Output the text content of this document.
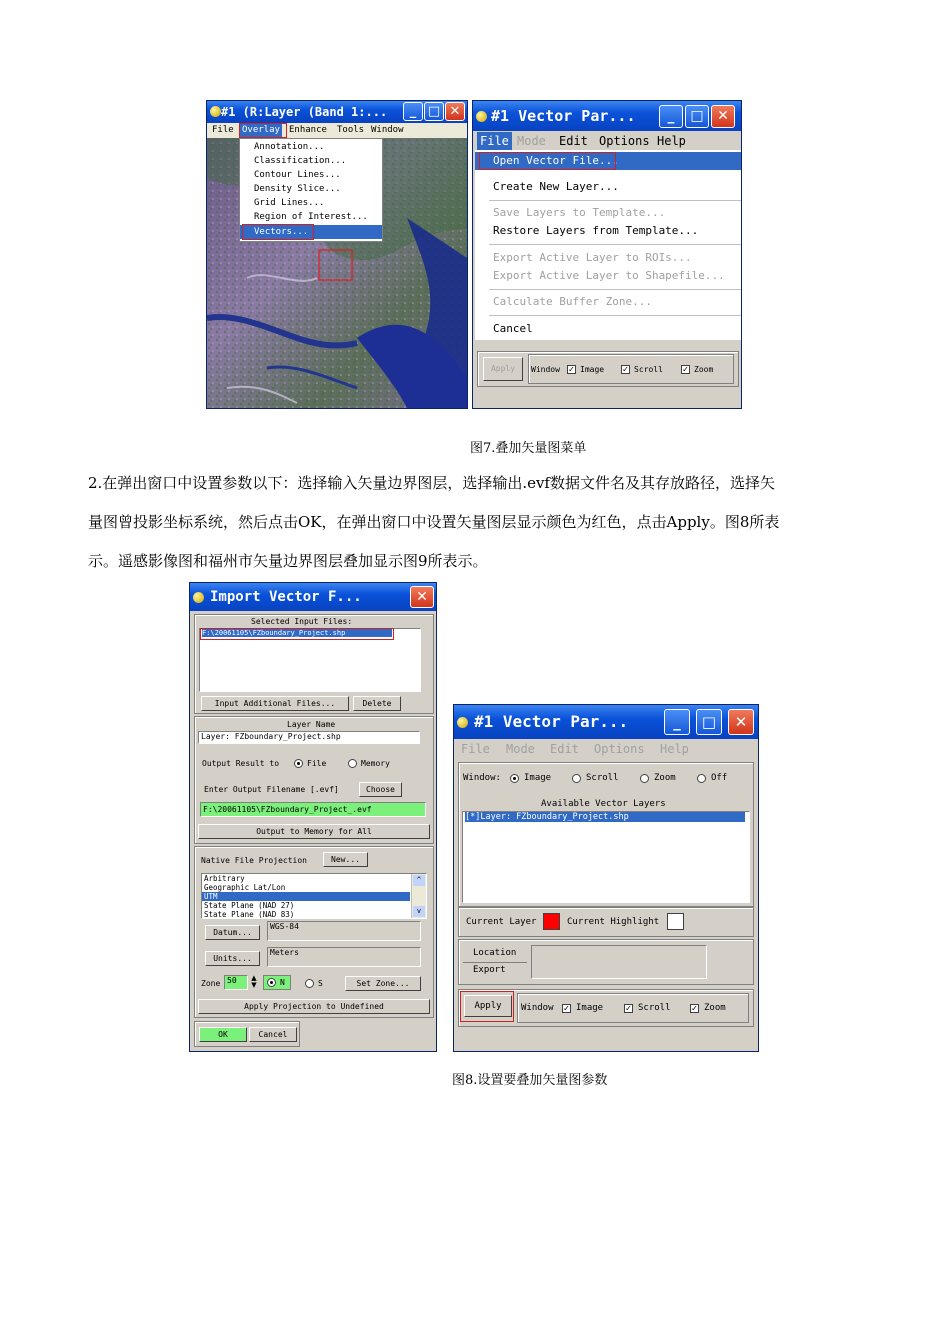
#1 (R:Layer (Band 1:...	_ □ ✕
File Overlay Enhance Tools Window
Annotation...
Classification...
Contour Lines...
Density Slice...
Grid Lines...
Region of Interest...
Vectors...
#1 Vector Par...	_	□ ✕
File Mode Edit Options Help
Open Vector File...
Create New Layer...
Save Layers to Template...
Restore Layers from Template...
Export Active Layer to ROIs...
Export Active Layer to Shapefile...
Calculate Buffer Zone...
Cancel
Apply	Window ✓ Image ✓ Scroll ✓ Zoom
图7.叠加矢量图菜单
2.在弹出窗口中设置参数以下：选择输入矢量边界图层，选择输出.evf数据文件名及其存放路径，选择矢
量图曾投影坐标系统，然后点击OK，在弹出窗口中设置矢量图层显示颜色为红色，点击Apply。图8所表
示。遥感影像图和福州市矢量边界图层叠加显示图9所表示。
Import Vector F...	✕
Selected Input Files:
F:\20061105\FZboundary_Project.shp
Input Additional Files...	Delete
Layer Name
Layer: FZboundary_Project.shp
Output Result to	File	Memory
Enter Output Filename [.evf]	Choose
F:\20061105\FZboundary_Project_.evf
Output to Memory for All
Native File Projection	New...
Arbitrary
Geographic Lat/Lon
UTM
State Plane (NAD 27)
State Plane (NAD 83)
^
v
Datum...
WGS-84
Units...
Meters
Zone 50	▲
▼	N	S	Set Zone...
Apply Projection to Undefined
OK	Cancel
#1 Vector Par...	_	□	✕
File Mode Edit Options Help
Window:	Image	Scroll	Zoom	Off
Available Vector Layers
[*]Layer: FZboundary_Project.shp
Current Layer	Current Highlight
Location
Export
Apply	Window ✓ Image	✓ Scroll	✓ Zoom
图8.设置要叠加矢量图参数
